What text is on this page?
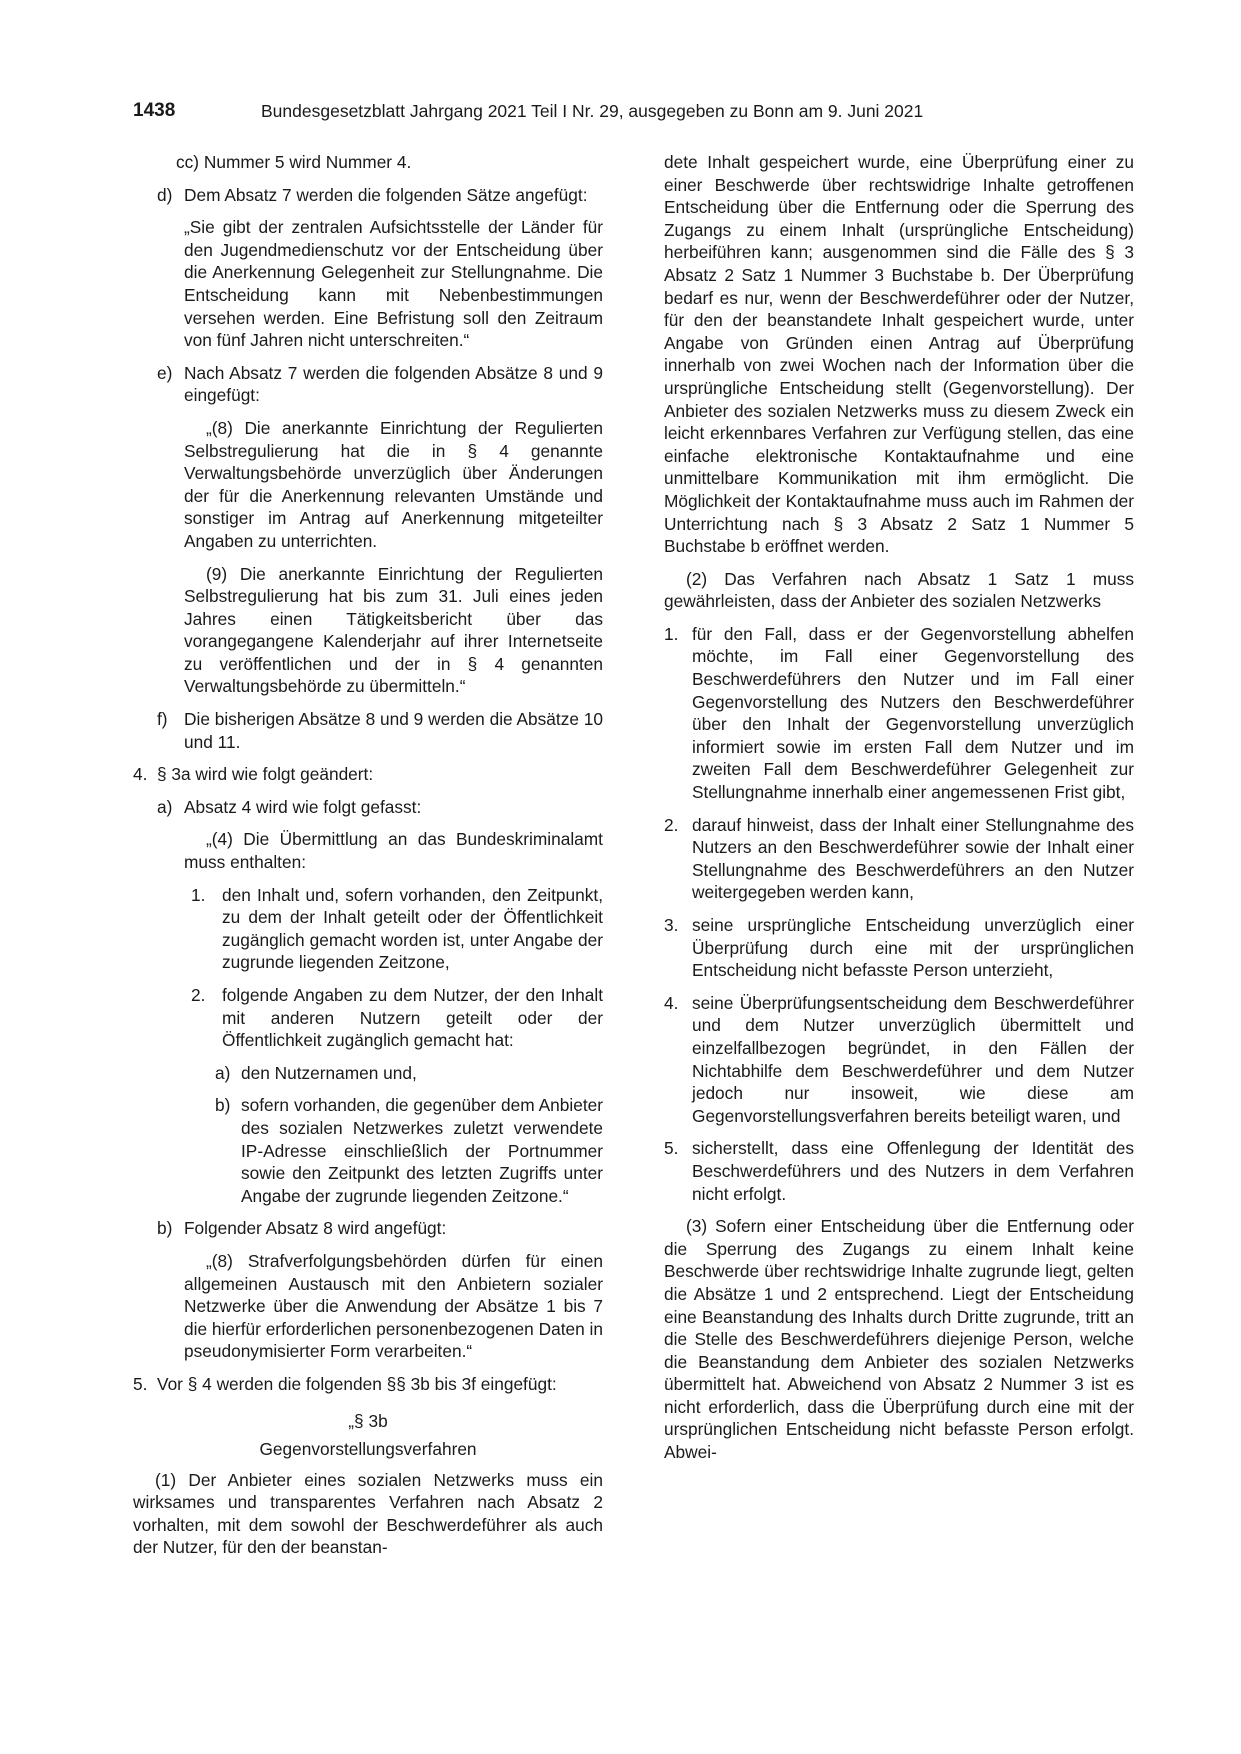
1438	Bundesgesetzblatt Jahrgang 2021 Teil I Nr. 29, ausgegeben zu Bonn am 9. Juni 2021
cc) Nummer 5 wird Nummer 4.
d) Dem Absatz 7 werden die folgenden Sätze angefügt:

„Sie gibt der zentralen Aufsichtsstelle der Länder für den Jugendmedienschutz vor der Entscheidung über die Anerkennung Gelegenheit zur Stellungnahme. Die Entscheidung kann mit Nebenbestimmungen versehen werden. Eine Befristung soll den Zeitraum von fünf Jahren nicht unterschreiten.“

e) Nach Absatz 7 werden die folgenden Absätze 8 und 9 eingefügt:

„(8) Die anerkannte Einrichtung der Regulierten Selbstregulierung hat die in § 4 genannte Verwaltungsbehörde unverzüglich über Änderungen der für die Anerkennung relevanten Umstände und sonstiger im Antrag auf Anerkennung mitgeteilter Angaben zu unterrichten.

(9) Die anerkannte Einrichtung der Regulierten Selbstregulierung hat bis zum 31. Juli eines jeden Jahres einen Tätigkeitsbericht über das vorangegangene Kalenderjahr auf ihrer Internetseite zu veröffentlichen und der in § 4 genannten Verwaltungsbehörde zu übermitteln.“

f) Die bisherigen Absätze 8 und 9 werden die Absätze 10 und 11.
4. § 3a wird wie folgt geändert:
a) Absatz 4 wird wie folgt gefasst:

„(4) Die Übermittlung an das Bundeskriminalamt muss enthalten:

1. den Inhalt und, sofern vorhanden, den Zeitpunkt, zu dem der Inhalt geteilt oder der Öffentlichkeit zugänglich gemacht worden ist, unter Angabe der zugrunde liegenden Zeitzone,
2. folgende Angaben zu dem Nutzer, der den Inhalt mit anderen Nutzern geteilt oder der Öffentlichkeit zugänglich gemacht hat:
a) den Nutzernamen und,
b) sofern vorhanden, die gegenüber dem Anbieter des sozialen Netzwerkes zuletzt verwendete IP-Adresse einschließlich der Portnummer sowie den Zeitpunkt des letzten Zugriffs unter Angabe der zugrunde liegenden Zeitzone.“
b) Folgender Absatz 8 wird angefügt:

„(8) Strafverfolgungsbehörden dürfen für einen allgemeinen Austausch mit den Anbietern sozialer Netzwerke über die Anwendung der Absätze 1 bis 7 die hierfür erforderlichen personenbezogenen Daten in pseudonymisierter Form verarbeiten.“

5. Vor § 4 werden die folgenden §§ 3b bis 3f eingefügt:

„§ 3b

Gegenvorstellungsverfahren

(1) Der Anbieter eines sozialen Netzwerks muss ein wirksames und transparentes Verfahren nach Absatz 2 vorhalten, mit dem sowohl der Beschwerdeführer als auch der Nutzer, für den der beanstan-

dete Inhalt gespeichert wurde, eine Überprüfung einer zu einer Beschwerde über rechtswidrige Inhalte getroffenen Entscheidung über die Entfernung oder die Sperrung des Zugangs zu einem Inhalt (ursprüngliche Entscheidung) herbeiführen kann; ausgenommen sind die Fälle des § 3 Absatz 2 Satz 1 Nummer 3 Buchstabe b. Der Überprüfung bedarf es nur, wenn der Beschwerdeführer oder der Nutzer, für den der beanstandete Inhalt gespeichert wurde, unter Angabe von Gründen einen Antrag auf Überprüfung innerhalb von zwei Wochen nach der Information über die ursprüngliche Entscheidung stellt (Gegenvorstellung). Der Anbieter des sozialen Netzwerks muss zu diesem Zweck ein leicht erkennbares Verfahren zur Verfügung stellen, das eine einfache elektronische Kontaktaufnahme und eine unmittelbare Kommunikation mit ihm ermöglicht. Die Möglichkeit der Kontaktaufnahme muss auch im Rahmen der Unterrichtung nach § 3 Absatz 2 Satz 1 Nummer 5 Buchstabe b eröffnet werden.

(2) Das Verfahren nach Absatz 1 Satz 1 muss gewährleisten, dass der Anbieter des sozialen Netzwerks

1. für den Fall, dass er der Gegenvorstellung abhelfen möchte, im Fall einer Gegenvorstellung des Beschwerdeführers den Nutzer und im Fall einer Gegenvorstellung des Nutzers den Beschwerdeführer über den Inhalt der Gegenvorstellung unverzüglich informiert sowie im ersten Fall dem Nutzer und im zweiten Fall dem Beschwerdeführer Gelegenheit zur Stellungnahme innerhalb einer angemessenen Frist gibt,
2. darauf hinweist, dass der Inhalt einer Stellungnahme des Nutzers an den Beschwerdeführer sowie der Inhalt einer Stellungnahme des Beschwerdeführers an den Nutzer weitergegeben werden kann,
3. seine ursprüngliche Entscheidung unverzüglich einer Überprüfung durch eine mit der ursprünglichen Entscheidung nicht befasste Person unterzieht,
4. seine Überprüfungsentscheidung dem Beschwerdeführer und dem Nutzer unverzüglich übermittelt und einzelfallbezogen begründet, in den Fällen der Nichtabhilfe dem Beschwerdeführer und dem Nutzer jedoch nur insoweit, wie diese am Gegenvorstellungsverfahren bereits beteiligt waren, und
5. sicherstellt, dass eine Offenlegung der Identität des Beschwerdeführers und des Nutzers in dem Verfahren nicht erfolgt.

(3) Sofern einer Entscheidung über die Entfernung oder die Sperrung des Zugangs zu einem Inhalt keine Beschwerde über rechtswidrige Inhalte zugrunde liegt, gelten die Absätze 1 und 2 entsprechend. Liegt der Entscheidung eine Beanstandung des Inhalts durch Dritte zugrunde, tritt an die Stelle des Beschwerdeführers diejenige Person, welche die Beanstandung dem Anbieter des sozialen Netzwerks übermittelt hat. Abweichend von Absatz 2 Nummer 3 ist es nicht erforderlich, dass die Überprüfung durch eine mit der ursprünglichen Entscheidung nicht befasste Person erfolgt. Abwei-
